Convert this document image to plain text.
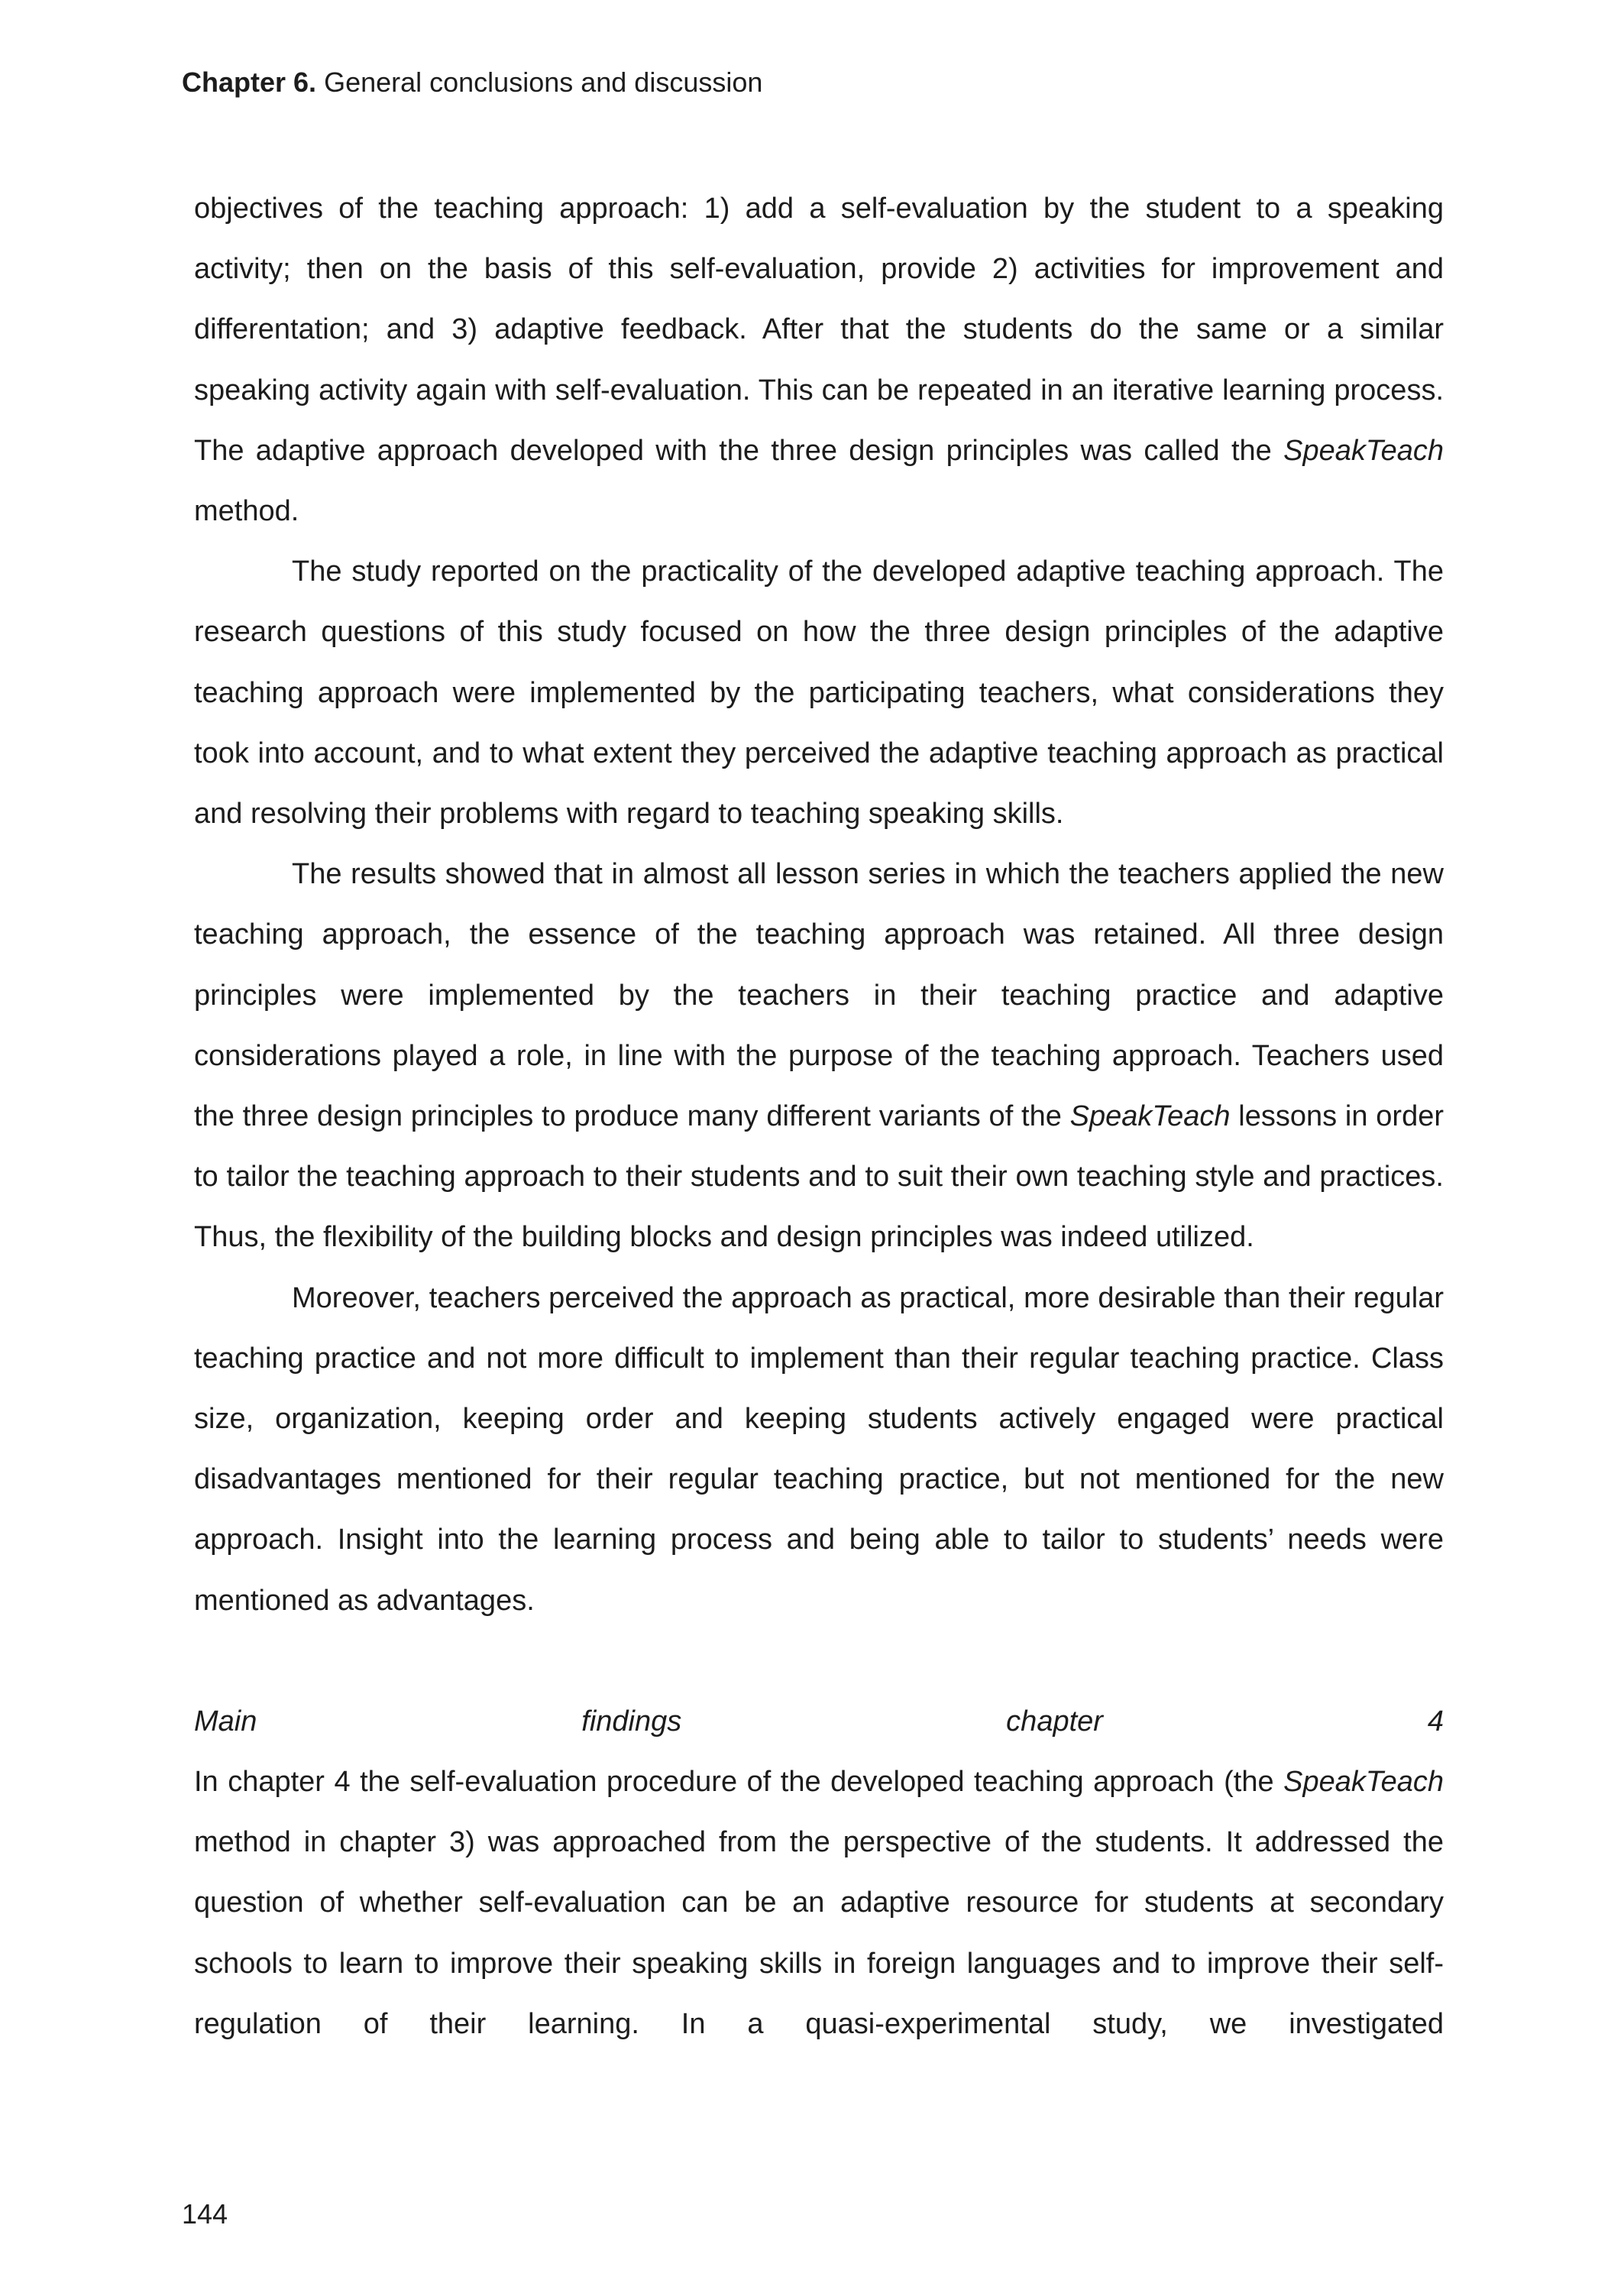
Chapter 6. General conclusions and discussion

objectives of the teaching approach: 1) add a self-evaluation by the student to a speaking activity; then on the basis of this self-evaluation, provide 2) activities for improvement and differentation; and 3) adaptive feedback. After that the students do the same or a similar speaking activity again with self-evaluation. This can be repeated in an iterative learning process. The adaptive approach developed with the three design principles was called the SpeakTeach method.

The study reported on the practicality of the developed adaptive teaching approach. The research questions of this study focused on how the three design principles of the adaptive teaching approach were implemented by the participating teachers, what considerations they took into account, and to what extent they perceived the adaptive teaching approach as practical and resolving their problems with regard to teaching speaking skills.

The results showed that in almost all lesson series in which the teachers applied the new teaching approach, the essence of the teaching approach was retained. All three design principles were implemented by the teachers in their teaching practice and adaptive considerations played a role, in line with the purpose of the teaching approach. Teachers used the three design principles to produce many different variants of the SpeakTeach lessons in order to tailor the teaching approach to their students and to suit their own teaching style and practices. Thus, the flexibility of the building blocks and design principles was indeed utilized.

Moreover, teachers perceived the approach as practical, more desirable than their regular teaching practice and not more difficult to implement than their regular teaching practice. Class size, organization, keeping order and keeping students actively engaged were practical disadvantages mentioned for their regular teaching practice, but not mentioned for the new approach. Insight into the learning process and being able to tailor to students’ needs were mentioned as advantages.

Main findings chapter 4

In chapter 4 the self-evaluation procedure of the developed teaching approach (the SpeakTeach method in chapter 3) was approached from the perspective of the students. It addressed the question of whether self-evaluation can be an adaptive resource for students at secondary schools to learn to improve their speaking skills in foreign languages and to improve their self-regulation of their learning. In a quasi-experimental study, we investigated

144
